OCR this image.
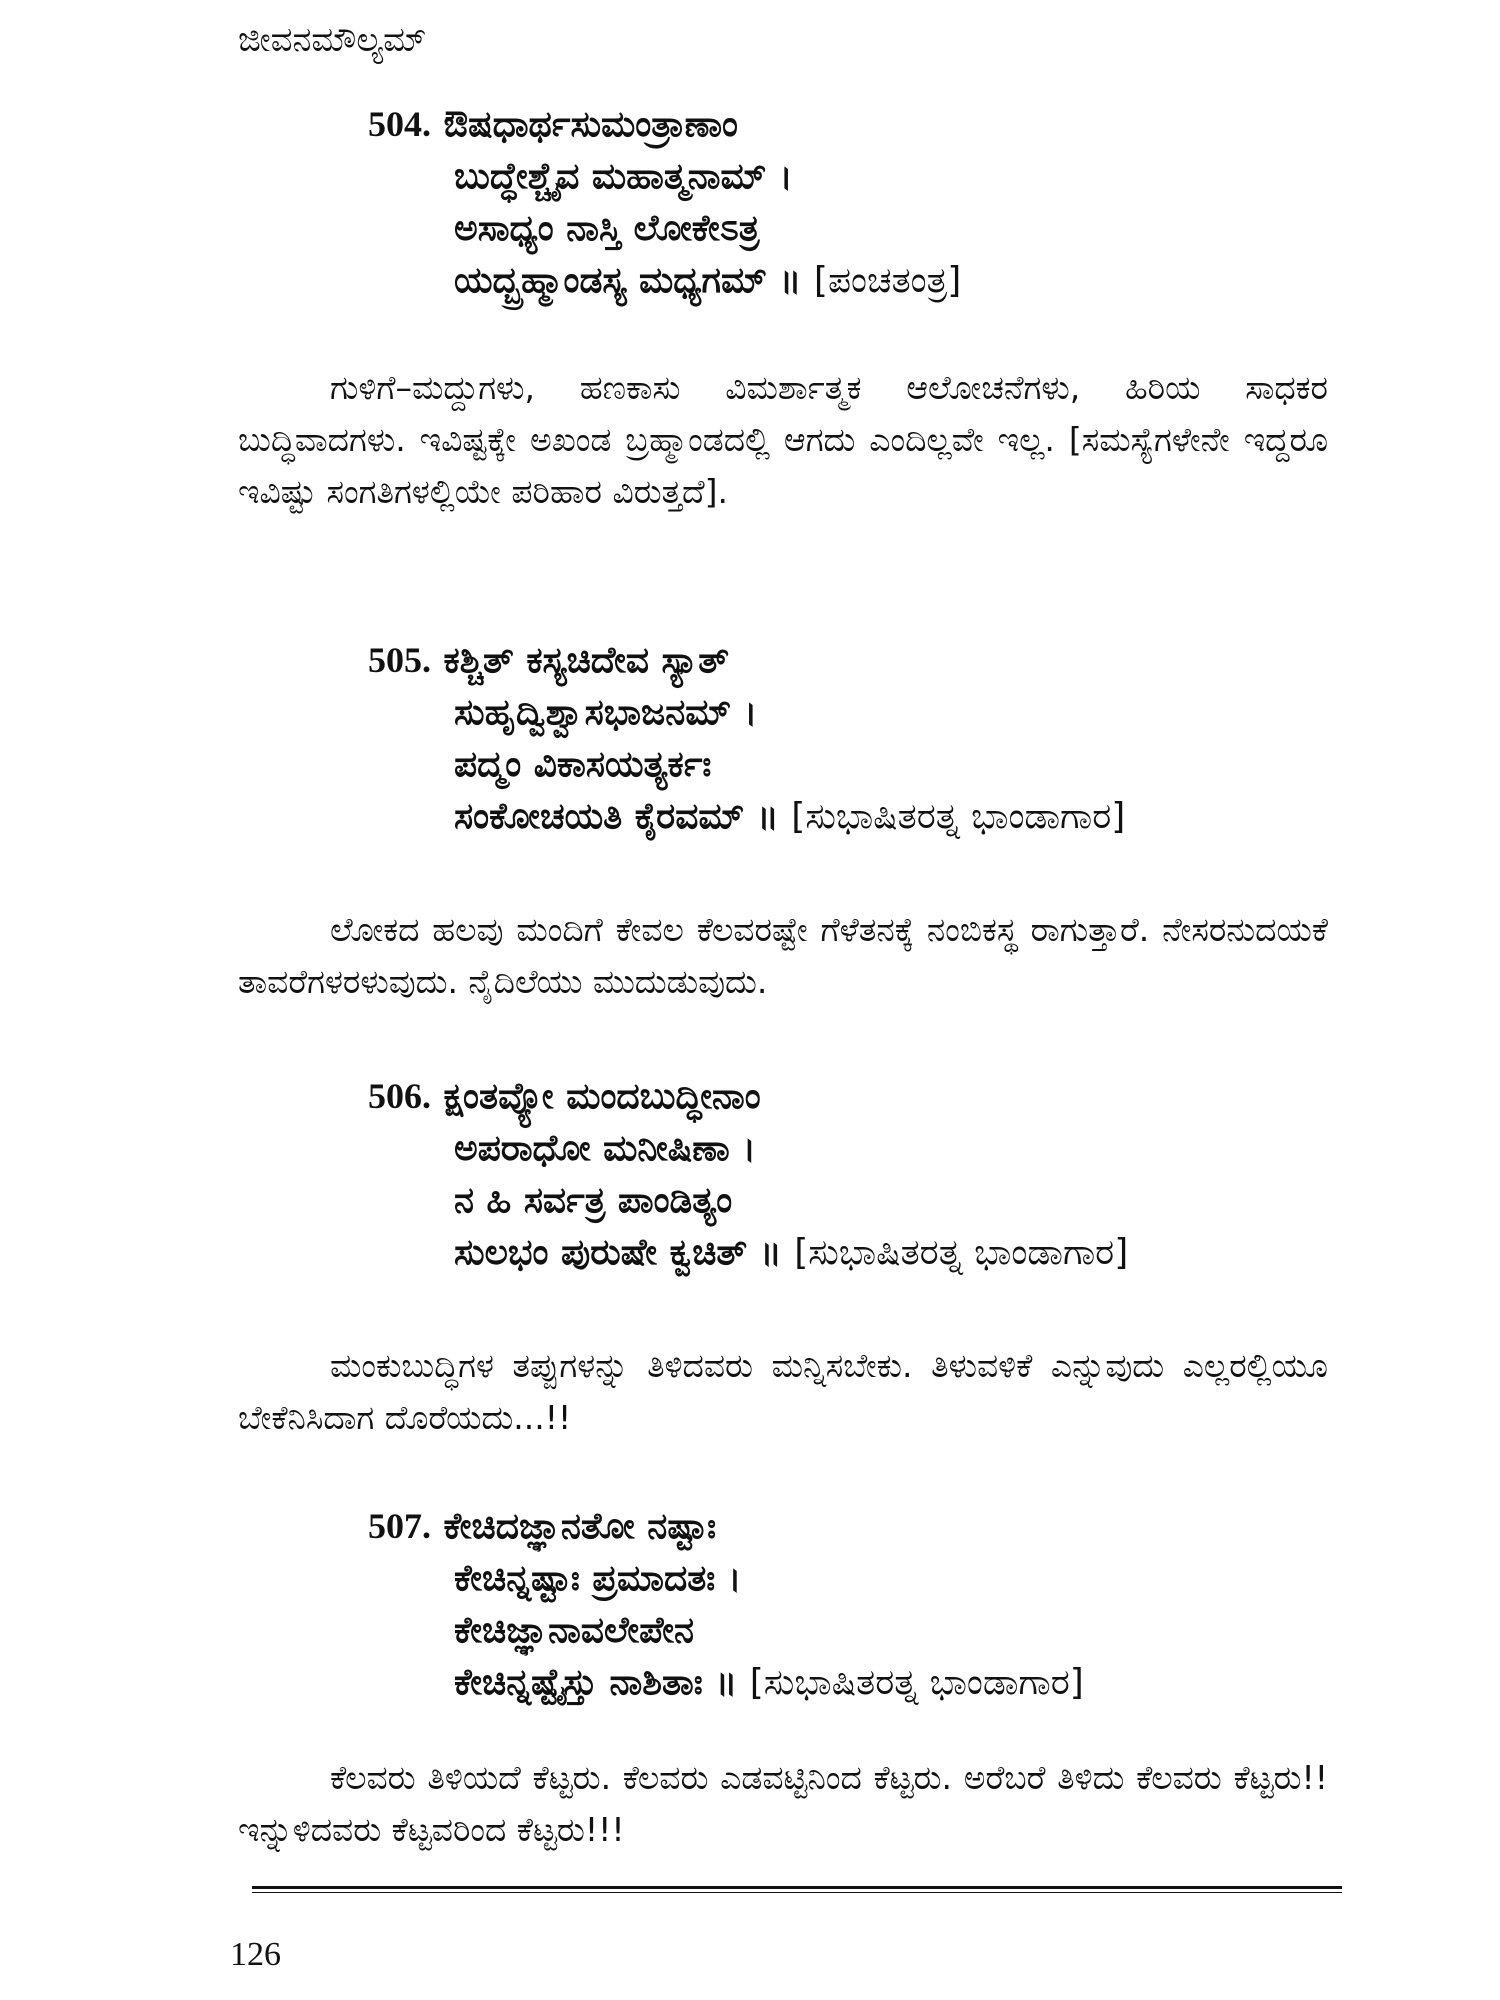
ಜೀವನಮೌಲ್ಯಮ್
504. ಔಷಧಾರ್ಥಸುಮಂತ್ರಾಣಾಂ
ಬುದ್ಧೇಶ್ಚೈವ ಮಹಾತ್ಮನಾಮ್ ।
ಅಸಾಧ್ಯಂ ನಾಸ್ತಿ ಲೋಕೇಽತ್ರ
ಯದ್ಬ್ರಹ್ಮಾಂಡಸ್ಯ ಮಧ್ಯಗಮ್ ॥ [ಪಂಚತಂತ್ರ]
ಗುಳಿಗೆ–ಮದ್ದುಗಳು, ಹಣಕಾಸು ವಿಮರ್ಶಾತ್ಮಕ ಆಲೋಚನೆಗಳು, ಹಿರಿಯ ಸಾಧಕರ ಬುದ್ಧಿವಾದಗಳು. ಇವಿಷ್ಟಕ್ಕೇ ಅಖಂಡ ಬ್ರಹ್ಮಾಂಡದಲ್ಲಿ ಆಗದು ಎಂದಿಲ್ಲವೇ ಇಲ್ಲ. [ಸಮಸ್ಯೆಗಳೇನೇ ಇದ್ದರೂ ಇವಿಷ್ಟು ಸಂಗತಿಗಳಲ್ಲಿಯೇ ಪರಿಹಾರ ವಿರುತ್ತದೆ].
505. ಕಶ್ಚಿತ್ ಕಸ್ಯಚಿದೇವ ಸ್ಯಾತ್
ಸುಹೃದ್ವಿಶ್ವಾಸಭಾಜನಮ್ ।
ಪದ್ಮಂ ವಿಕಾಸಯತ್ಯರ್ಕಃ
ಸಂಕೋಚಯತಿ ಕೈರವಮ್ ॥ [ಸುಭಾಷಿತರತ್ನ ಭಾಂಡಾಗಾರ]
ಲೋಕದ ಹಲವು ಮಂದಿಗೆ ಕೇವಲ ಕೆಲವರಷ್ಟೇ ಗೆಳೆತನಕ್ಕೆ ನಂಬಿಕಸ್ಥ ರಾಗುತ್ತಾರೆ. ನೇಸರನುದಯಕೆ ತಾವರೆಗಳರಳುವುದು. ನೈದಿಲೆಯು ಮುದುಡುವುದು.
506. ಕ್ಷಂತವ್ಯೋ ಮಂದಬುದ್ಧೀನಾಂ
ಅಪರಾಧೋ ಮನೀಷಿಣಾ ।
ನ ಹಿ ಸರ್ವತ್ರ ಪಾಂಡಿತ್ಯಂ
ಸುಲಭಂ ಪುರುಷೇ ಕ್ವಚಿತ್ ॥ [ಸುಭಾಷಿತರತ್ನ ಭಾಂಡಾಗಾರ]
ಮಂಕುಬುದ್ಧಿಗಳ ತಪ್ಪುಗಳನ್ನು ತಿಳಿದವರು ಮನ್ನಿಸಬೇಕು. ತಿಳುವಳಿಕೆ ಎನ್ನುವುದು ಎಲ್ಲರಲ್ಲಿಯೂ ಬೇಕೆನಿಸಿದಾಗ ದೊರೆಯದು...!!
507. ಕೇಚಿದಜ್ಞಾನತೋ ನಷ್ಟಾಃ
ಕೇಚಿನ್ನಷ್ಟಾಃ ಪ್ರಮಾದತಃ ।
ಕೇಚಿಜ್ಞಾನಾವಲೇಪೇನ
ಕೇಚಿನ್ನಷ್ಟೈಸ್ತು ನಾಶಿತಾಃ ॥ [ಸುಭಾಷಿತರತ್ನ ಭಾಂಡಾಗಾರ]
ಕೆಲವರು ತಿಳಿಯದೆ ಕೆಟ್ಟರು. ಕೆಲವರು ಎಡವಟ್ಟಿನಿಂದ ಕೆಟ್ಟರು. ಅರೆಬರೆ ತಿಳಿದು ಕೆಲವರು ಕೆಟ್ಟರು!! ಇನ್ನುಳಿದವರು ಕೆಟ್ಟವರಿಂದ ಕೆಟ್ಟರು!!!
126
